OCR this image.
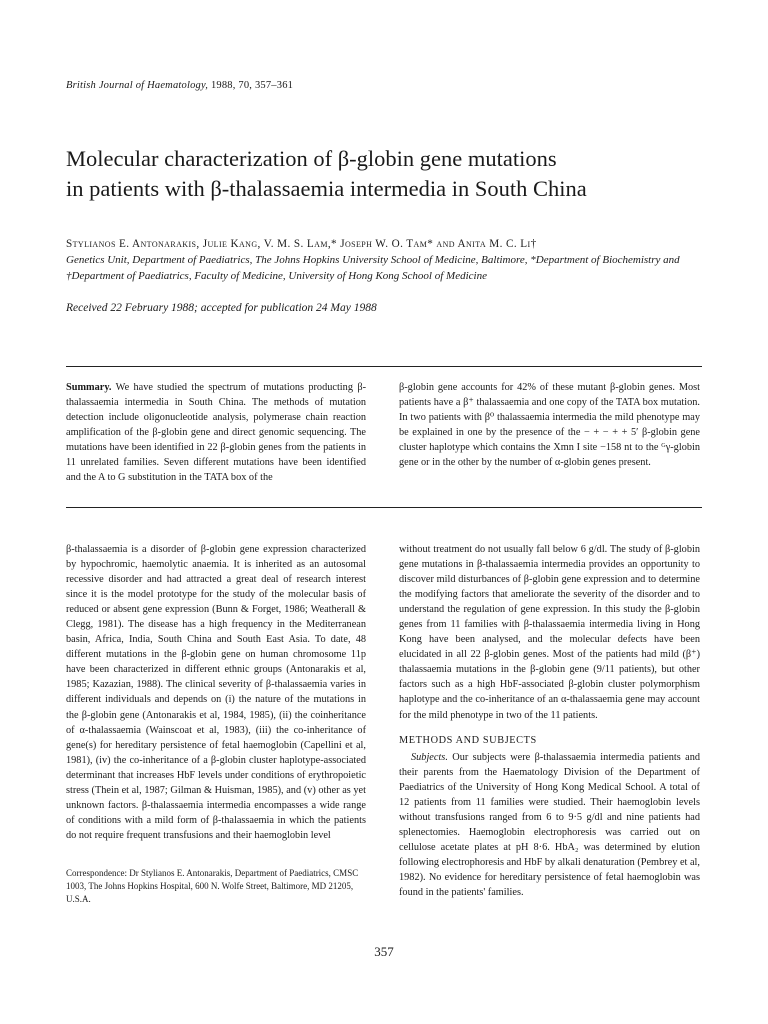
British Journal of Haematology, 1988, 70, 357–361
Molecular characterization of β-globin gene mutations
in patients with β-thalassaemia intermedia in South China
Stylianos E. Antonarakis, Julie Kang, V. M. S. Lam,* Joseph W. O. Tam* and Anita M. C. Li†
Genetics Unit, Department of Paediatrics, The Johns Hopkins University School of Medicine, Baltimore, *Department of Biochemistry and †Department of Paediatrics, Faculty of Medicine, University of Hong Kong School of Medicine
Received 22 February 1988; accepted for publication 24 May 1988

Summary. We have studied the spectrum of mutations producting β-thalassaemia intermedia in South China. The methods of mutation detection include oligonucleotide analysis, polymerase chain reaction amplification of the β-globin gene and direct genomic sequencing. The mutations have been identified in 22 β-globin genes from the patients in 11 unrelated families. Seven different mutations have been identified and the A to G substitution in the TATA box of the

β-globin gene accounts for 42% of these mutant β-globin genes. Most patients have a β⁺ thalassaemia and one copy of the TATA box mutation. In two patients with β⁰ thalassaemia intermedia the mild phenotype may be explained in one by the presence of the − + − + + 5′ β-globin gene cluster haplotype which contains the Xmn I site −158 nt to the ᴳγ-globin gene or in the other by the number of α-globin genes present.

β-thalassaemia is a disorder of β-globin gene expression characterized by hypochromic, haemolytic anaemia. It is inherited as an autosomal recessive disorder and had attracted a great deal of research interest since it is the model prototype for the study of the molecular basis of reduced or absent gene expression (Bunn & Forget, 1986; Weatherall & Clegg, 1981). The disease has a high frequency in the Mediterranean basin, Africa, India, South China and South East Asia. To date, 48 different mutations in the β-globin gene on human chromosome 11p have been characterized in different ethnic groups (Antonarakis et al, 1985; Kazazian, 1988). The clinical severity of β-thalassaemia varies in different individuals and depends on (i) the nature of the mutations in the β-globin gene (Antonarakis et al, 1984, 1985), (ii) the coinheritance of α-thalassaemia (Wainscoat et al, 1983), (iii) the co-inheritance of gene(s) for hereditary persistence of fetal haemoglobin (Capellini et al, 1981), (iv) the co-inheritance of a β-globin cluster haplotype-associated determinant that increases HbF levels under conditions of erythropoietic stress (Thein et al, 1987; Gilman & Huisman, 1985), and (v) other as yet unknown factors. β-thalassaemia intermedia encompasses a wide range of conditions with a mild form of β-thalassaemia in which the patients do not require frequent transfusions and their haemoglobin level

without treatment do not usually fall below 6 g/dl. The study of β-globin gene mutations in β-thalassaemia intermedia provides an opportunity to discover mild disturbances of β-globin gene expression and to determine the modifying factors that ameliorate the severity of the disorder and to understand the regulation of gene expression. In this study the β-globin genes from 11 families with β-thalassaemia intermedia living in Hong Kong have been analysed, and the molecular defects have been elucidated in all 22 β-globin genes. Most of the patients had mild (β⁺) thalassaemia mutations in the β-globin gene (9/11 patients), but other factors such as a high HbF-associated β-globin cluster polymorphism haplotype and the co-inheritance of an α-thalassaemia gene may account for the mild phenotype in two of the 11 patients.

METHODS AND SUBJECTS

Subjects. Our subjects were β-thalassaemia intermedia patients and their parents from the Haematology Division of the Department of Paediatrics of the University of Hong Kong Medical School. A total of 12 patients from 11 families were studied. Their haemoglobin levels without transfusions ranged from 6 to 9·5 g/dl and nine patients had splenectomies. Haemoglobin electrophoresis was carried out on cellulose acetate plates at pH 8·6. HbA₂ was determined by elution following electrophoresis and HbF by alkali denaturation (Pembrey et al, 1982). No evidence for hereditary persistence of fetal haemoglobin was found in the patients' families.

Correspondence: Dr Stylianos E. Antonarakis, Department of Paediatrics, CMSC 1003, The Johns Hopkins Hospital, 600 N. Wolfe Street, Baltimore, MD 21205, U.S.A.

357
